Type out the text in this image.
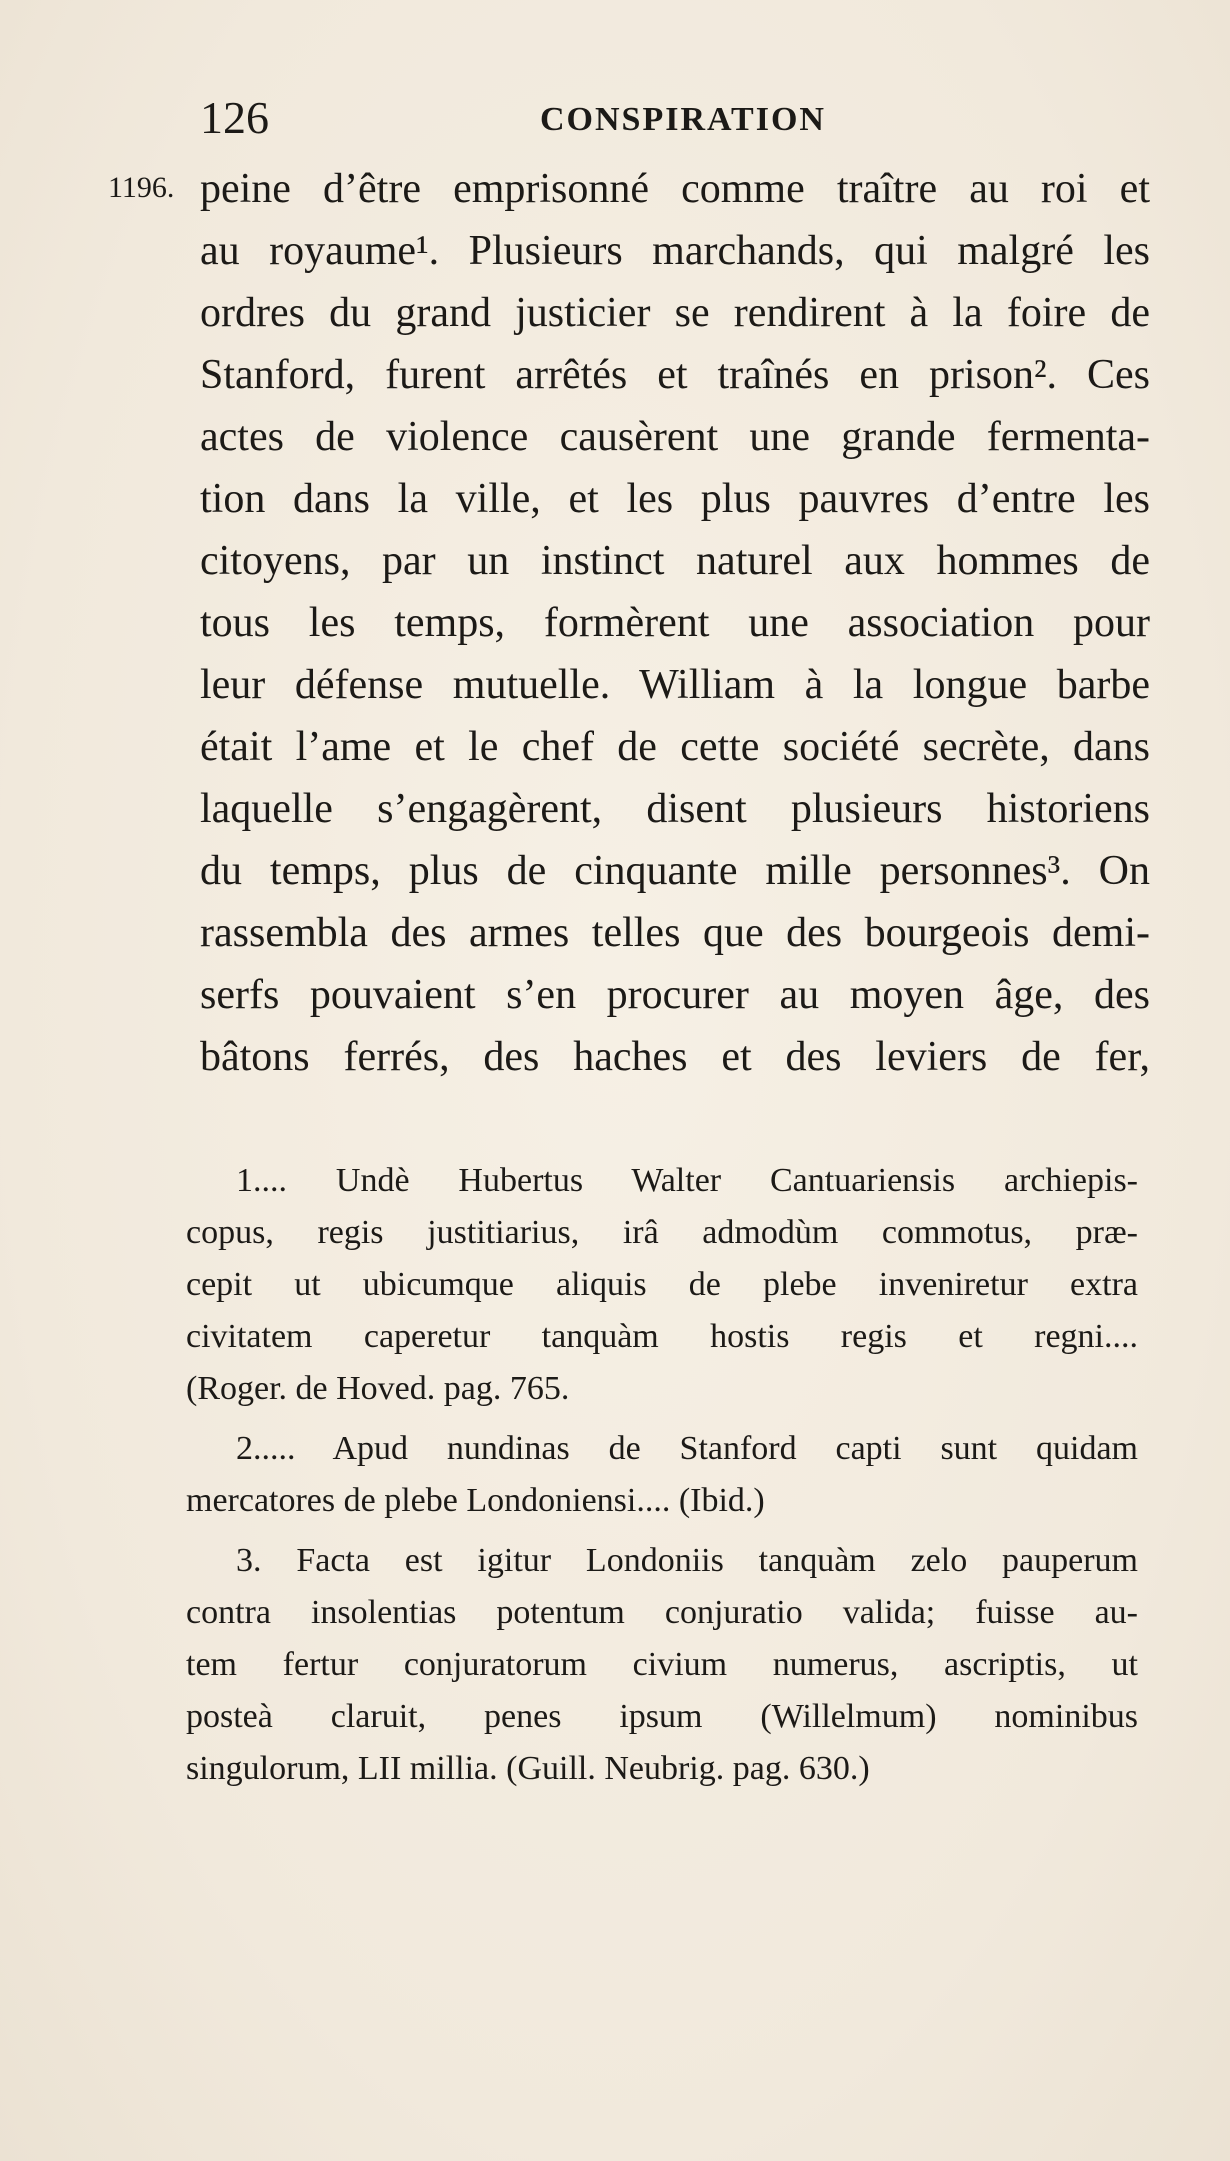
126	CONSPIRATION
1196. peine d’être emprisonné comme traître au roi et
au royaume¹. Plusieurs marchands, qui malgré les
ordres du grand justicier se rendirent à la foire de
Stanford, furent arrêtés et traînés en prison². Ces
actes de violence causèrent une grande fermenta-
tion dans la ville, et les plus pauvres d’entre les
citoyens, par un instinct naturel aux hommes de
tous les temps, formèrent une association pour
leur défense mutuelle. William à la longue barbe
était l’ame et le chef de cette société secrète, dans
laquelle s’engagèrent, disent plusieurs historiens
du temps, plus de cinquante mille personnes³. On
rassembla des armes telles que des bourgeois demi-
serfs pouvaient s’en procurer au moyen âge, des
bâtons ferrés, des haches et des leviers de fer,
1.... Undè Hubertus Walter Cantuariensis archiepis-
copus, regis justitiarius, irâ admodùm commotus, præ-
cepit ut ubicumque aliquis de plebe inveniretur extra
civitatem caperetur tanquàm hostis regis et regni....
(Roger. de Hoved. pag. 765.
2..... Apud nundinas de Stanford capti sunt quidam
mercatores de plebe Londoniensi.... (Ibid.)
3. Facta est igitur Londoniis tanquàm zelo pauperum
contra insolentias potentum conjuratio valida; fuisse au-
tem fertur conjuratorum civium numerus, ascriptis, ut
posteà claruit, penes ipsum (Willelmum) nominibus
singulorum, LII millia. (Guill. Neubrig. pag. 630.)
